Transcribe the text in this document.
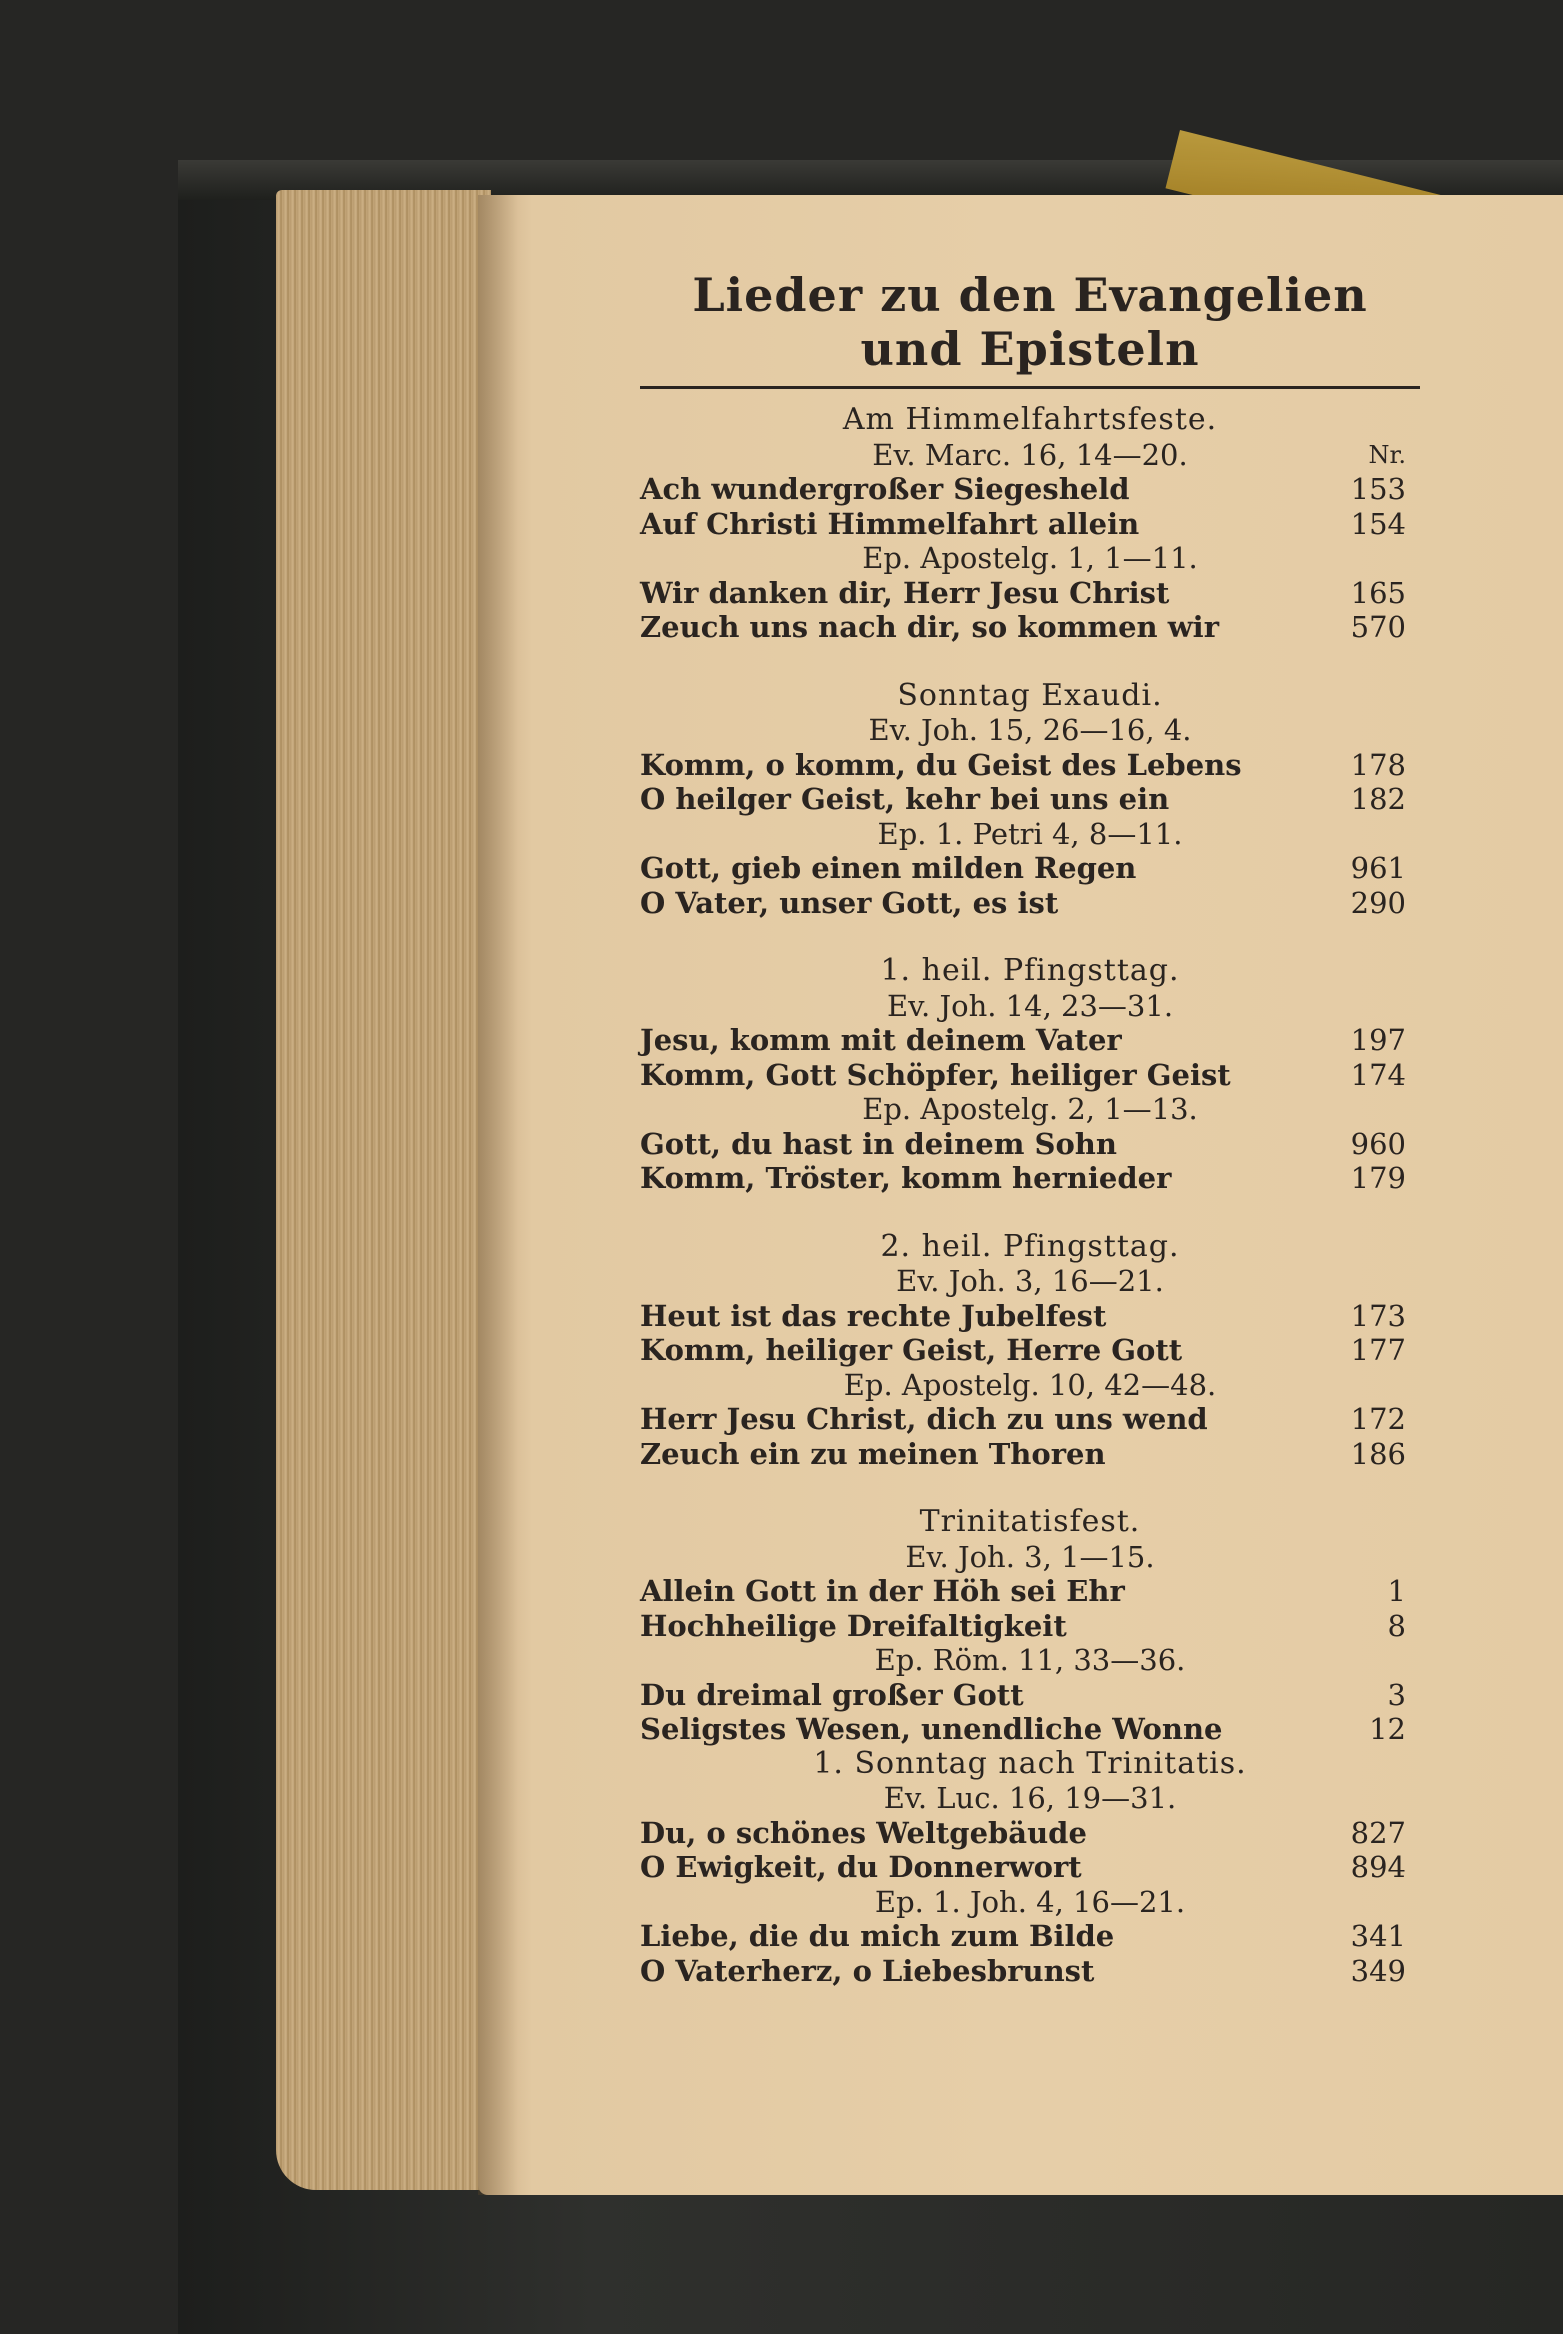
Lieder zu den Evangelien und Episteln
Am Himmelfahrtsfeste.
Ev. Marc. 16, 14—20.	Nr.
Ach wundergroßer Siegesheld	153
Auf Christi Himmelfahrt allein	154
Ep. Apostelg. 1, 1—11.
Wir danken dir, Herr Jesu Christ	165
Zeuch uns nach dir, so kommen wir	570
Sonntag Exaudi.
Ev. Joh. 15, 26—16, 4.
Komm, o komm, du Geist des Lebens	178
O heilger Geist, kehr bei uns ein	182
Ep. 1. Petri 4, 8—11.
Gott, gieb einen milden Regen	961
O Vater, unser Gott, es ist	290
1. heil. Pfingsttag.
Ev. Joh. 14, 23—31.
Jesu, komm mit deinem Vater	197
Komm, Gott Schöpfer, heiliger Geist	174
Ep. Apostelg. 2, 1—13.
Gott, du hast in deinem Sohn	960
Komm, Tröster, komm hernieder	179
2. heil. Pfingsttag.
Ev. Joh. 3, 16—21.
Heut ist das rechte Jubelfest	173
Komm, heiliger Geist, Herre Gott	177
Ep. Apostelg. 10, 42—48.
Herr Jesu Christ, dich zu uns wend	172
Zeuch ein zu meinen Thoren	186
Trinitatisfest.
Ev. Joh. 3, 1—15.
Allein Gott in der Höh sei Ehr	1
Hochheilige Dreifaltigkeit	8
Ep. Röm. 11, 33—36.
Du dreimal großer Gott	3
Seligstes Wesen, unendliche Wonne	12
1. Sonntag nach Trinitatis.
Ev. Luc. 16, 19—31.
Du, o schönes Weltgebäude	827
O Ewigkeit, du Donnerwort	894
Ep. 1. Joh. 4, 16—21.
Liebe, die du mich zum Bilde	341
O Vaterherz, o Liebesbrunst	349
